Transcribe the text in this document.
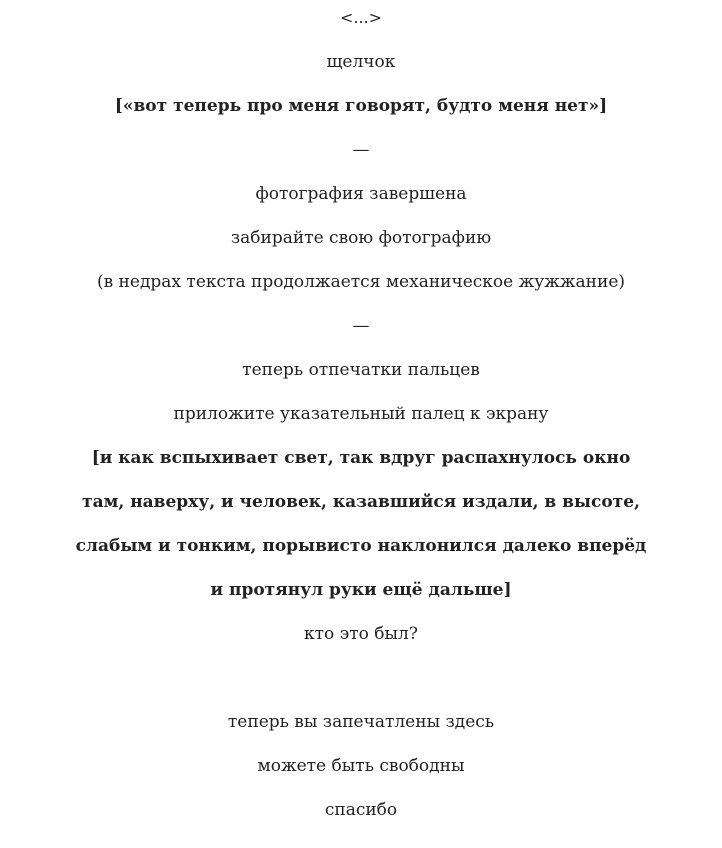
<...>
щелчок
[«вот теперь про меня говорят, будто меня нет»]
—
фотография завершена
забирайте свою фотографию
(в недрах текста продолжается механическое жужжание)
—
теперь отпечатки пальцев
приложите указательный палец к экрану
[и как вспыхивает свет, так вдруг распахнулось окно
там, наверху, и человек, казавшийся издали, в высоте,
слабым и тонким, порывисто наклонился далеко вперёд
и протянул руки ещё дальше]
кто это был?
теперь вы запечатлены здесь
можете быть свободны
спасибо
